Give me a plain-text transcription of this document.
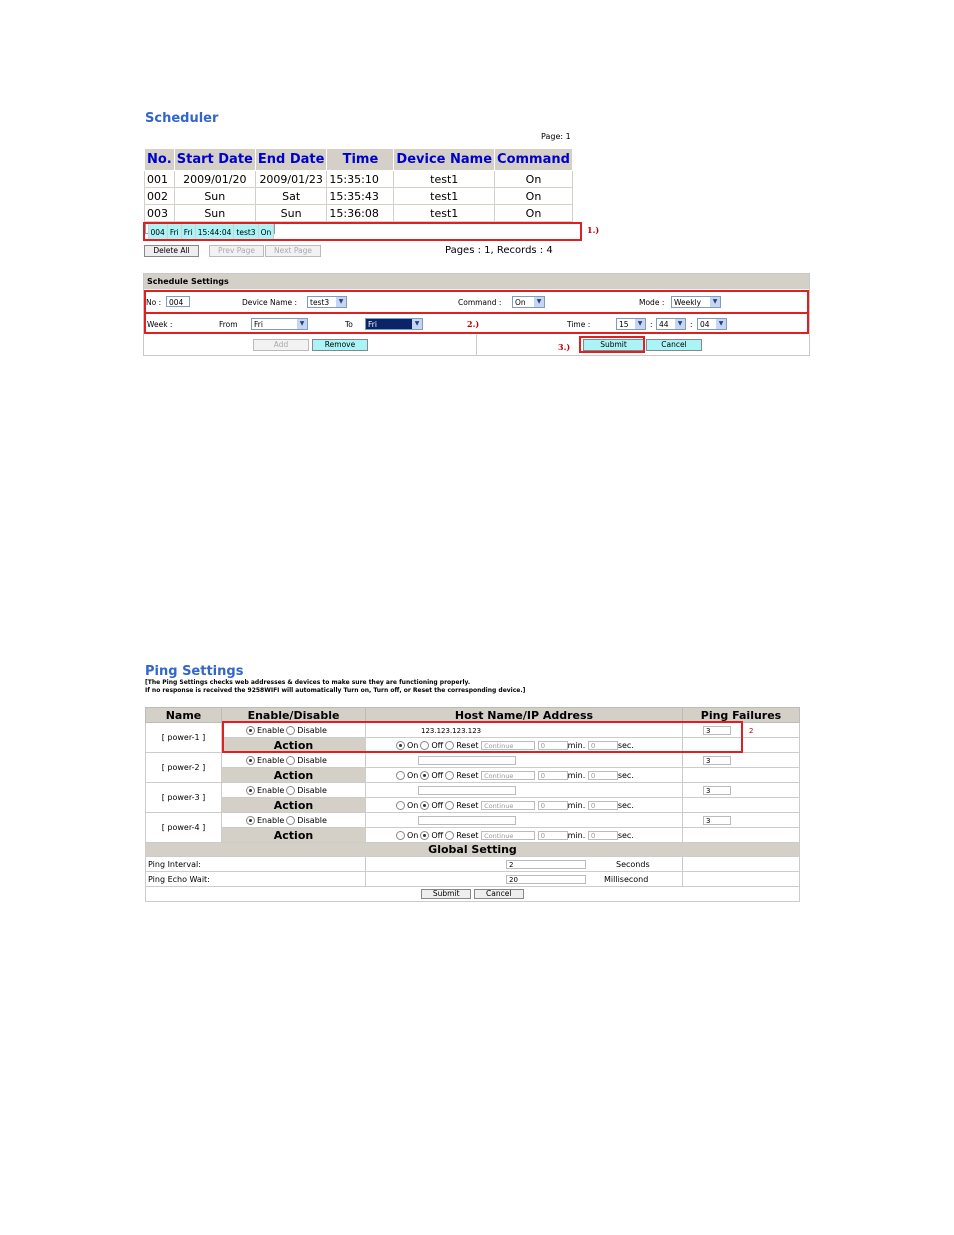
Scheduler
Page: 1
No.	Start Date	End Date	Time	Device Name	Command
001	2009/01/20	2009/01/23	15:35:10	test1	On
002	Sun	Sat	15:35:43	test1	On
003	Sun	Sun	15:36:08	test1	On

004	Fri	Fri	15:44:04	test3	On	1.)
Delete All	Prev Page	Next Page	Pages : 1, Records : 4
Schedule Settings
No :	004	Device Name :	test3	▼	Command :	On	▼	Mode :	Weekly	▼
Week :	From	Fri	▼	To	Fri	▼	2.)	Time :	15	▼	: 44	▼	: 04	▼
Add	Remove	3.)	Submit	Cancel
Ping Settings
[The Ping Settings checks web addresses & devices to make sure they are functioning properly.
If no response is received the 9258WIFI will automatically Turn on, Turn off, or Reset the corresponding device.]
Name	Enable/Disable	Host Name/IP Address	Ping Failures
[ power-1 ]	Enable Disable	123.123.123.123	3 2
	Action	On Off Reset Continue 0 min. 0 sec.	
[ power-2 ]	Enable Disable		3
	Action	On Off Reset Continue 0 min. 0 sec.	
[ power-3 ]	Enable Disable		3
	Action	On Off Reset Continue 0 min. 0 sec.	
[ power-4 ]	Enable Disable		3
	Action	On Off Reset Continue 0 min. 0 sec.	
Global Setting			
Ping Interval:		2 Seconds	
Ping Echo Wait:		20 Millisecond	
Submit Cancel			
